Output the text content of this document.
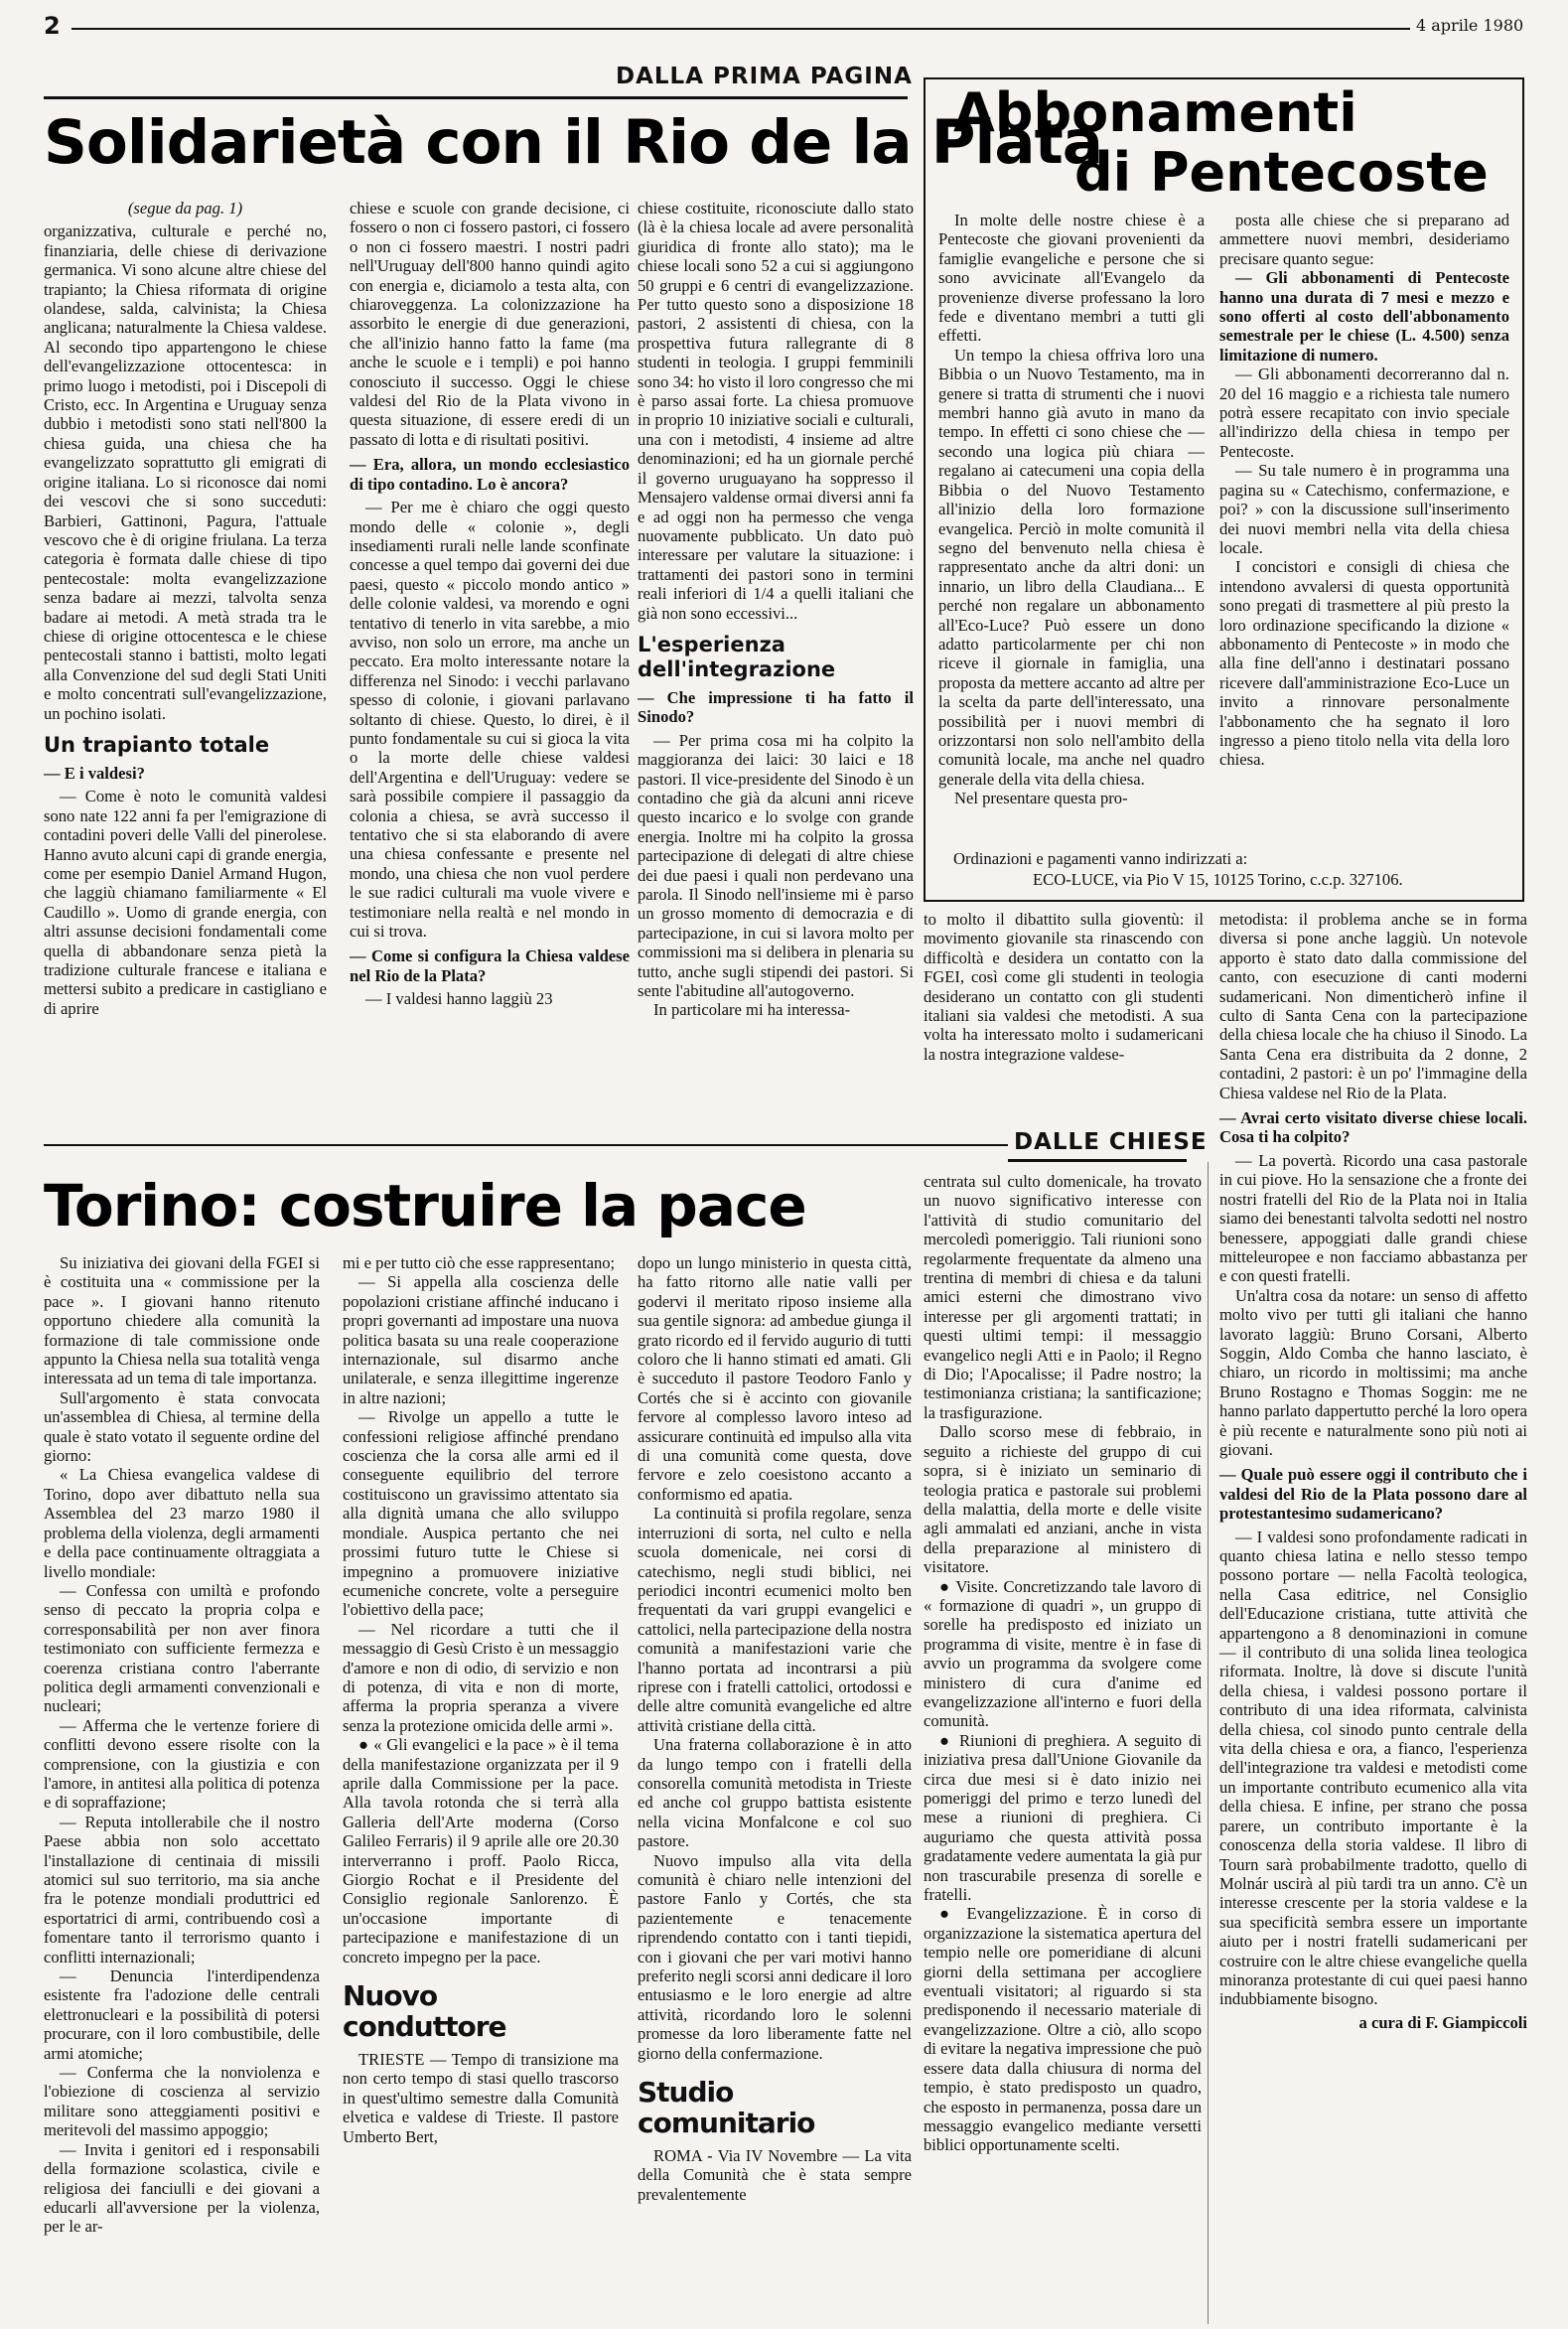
2	4 aprile 1980
DALLA PRIMA PAGINA
Solidarietà con il Rio de la Plata

(segue da pag. 1)

organizzativa, culturale e perché no, finanziaria, delle chiese di derivazione germanica. Vi sono alcune altre chiese del trapianto; la Chiesa riformata di origine olandese, salda, calvinista; la Chiesa anglicana; naturalmente la Chiesa valdese. Al secondo tipo appartengono le chiese dell'evangelizzazione ottocentesca: in primo luogo i metodisti, poi i Discepoli di Cristo, ecc. In Argentina e Uruguay senza dubbio i metodisti sono stati nell'800 la chiesa guida, una chiesa che ha evangelizzato soprattutto gli emigrati di origine italiana. Lo si riconosce dai nomi dei vescovi che si sono succeduti: Barbieri, Gattinoni, Pagura, l'attuale vescovo che è di origine friulana. La terza categoria è formata dalle chiese di tipo pentecostale: molta evangelizzazione senza badare ai mezzi, talvolta senza badare ai metodi. A metà strada tra le chiese di origine ottocentesca e le chiese pentecostali stanno i battisti, molto legati alla Convenzione del sud degli Stati Uniti e molto concentrati sull'evangelizzazione, un pochino isolati.

Un trapianto totale

— E i valdesi?

— Come è noto le comunità valdesi sono nate 122 anni fa per l'emigrazione di contadini poveri delle Valli del pinerolese. Hanno avuto alcuni capi di grande energia, come per esempio Daniel Armand Hugon, che laggiù chiamano familiarmente « El Caudillo ». Uomo di grande energia, con altri assunse decisioni fondamentali come quella di abbandonare senza pietà la tradizione culturale francese e italiana e mettersi subito a predicare in castigliano e di aprire

chiese e scuole con grande decisione, ci fossero o non ci fossero pastori, ci fossero o non ci fossero maestri. I nostri padri nell'Uruguay dell'800 hanno quindi agito con energia e, diciamolo a testa alta, con chiaroveggenza. La colonizzazione ha assorbito le energie di due generazioni, che all'inizio hanno fatto la fame (ma anche le scuole e i templi) e poi hanno conosciuto il successo. Oggi le chiese valdesi del Rio de la Plata vivono in questa situazione, di essere eredi di un passato di lotta e di risultati positivi.

— Era, allora, un mondo ecclesiastico di tipo contadino. Lo è ancora?

— Per me è chiaro che oggi questo mondo delle « colonie », degli insediamenti rurali nelle lande sconfinate concesse a quel tempo dai governi dei due paesi, questo « piccolo mondo antico » delle colonie valdesi, va morendo e ogni tentativo di tenerlo in vita sarebbe, a mio avviso, non solo un errore, ma anche un peccato. Era molto interessante notare la differenza nel Sinodo: i vecchi parlavano spesso di colonie, i giovani parlavano soltanto di chiese. Questo, lo direi, è il punto fondamentale su cui si gioca la vita o la morte delle chiese valdesi dell'Argentina e dell'Uruguay: vedere se sarà possibile compiere il passaggio da colonia a chiesa, se avrà successo il tentativo che si sta elaborando di avere una chiesa confessante e presente nel mondo, una chiesa che non vuol perdere le sue radici culturali ma vuole vivere e testimoniare nella realtà e nel mondo in cui si trova.

— Come si configura la Chiesa valdese nel Rio de la Plata?

— I valdesi hanno laggiù 23

chiese costituite, riconosciute dallo stato (là è la chiesa locale ad avere personalità giuridica di fronte allo stato); ma le chiese locali sono 52 a cui si aggiungono 50 gruppi e 6 centri di evangelizzazione. Per tutto questo sono a disposizione 18 pastori, 2 assistenti di chiesa, con la prospettiva futura rallegrante di 8 studenti in teologia. I gruppi femminili sono 34: ho visto il loro congresso che mi è parso assai forte. La chiesa promuove in proprio 10 iniziative sociali e culturali, una con i metodisti, 4 insieme ad altre denominazioni; ed ha un giornale perché il governo uruguayano ha soppresso il Mensajero valdense ormai diversi anni fa e ad oggi non ha permesso che venga nuovamente pubblicato. Un dato può interessare per valutare la situazione: i trattamenti dei pastori sono in termini reali inferiori di 1/4 a quelli italiani che già non sono eccessivi...

L'esperienza dell'integrazione

— Che impressione ti ha fatto il Sinodo?

— Per prima cosa mi ha colpito la maggioranza dei laici: 30 laici e 18 pastori. Il vice-presidente del Sinodo è un contadino che già da alcuni anni riceve questo incarico e lo svolge con grande energia. Inoltre mi ha colpito la grossa partecipazione di delegati di altre chiese dei due paesi i quali non perdevano una parola. Il Sinodo nell'insieme mi è parso un grosso momento di democrazia e di partecipazione, in cui si lavora molto per commissioni ma si delibera in plenaria su tutto, anche sugli stipendi dei pastori. Si sente l'abitudine all'autogoverno.

In particolare mi ha interessa-

Abbonamenti
di Pentecoste

In molte delle nostre chiese è a Pentecoste che giovani provenienti da famiglie evangeliche e persone che si sono avvicinate all'Evangelo da provenienze diverse professano la loro fede e diventano membri a tutti gli effetti.

Un tempo la chiesa offriva loro una Bibbia o un Nuovo Testamento, ma in genere si tratta di strumenti che i nuovi membri hanno già avuto in mano da tempo. In effetti ci sono chiese che — secondo una logica più chiara — regalano ai catecumeni una copia della Bibbia o del Nuovo Testamento all'inizio della loro formazione evangelica. Perciò in molte comunità il segno del benvenuto nella chiesa è rappresentato anche da altri doni: un innario, un libro della Claudiana... E perché non regalare un abbonamento all'Eco-Luce? Può essere un dono adatto particolarmente per chi non riceve il giornale in famiglia, una proposta da mettere accanto ad altre per la scelta da parte dell'interessato, una possibilità per i nuovi membri di orizzontarsi non solo nell'ambito della comunità locale, ma anche nel quadro generale della vita della chiesa.

Nel presentare questa pro-

posta alle chiese che si preparano ad ammettere nuovi membri, desideriamo precisare quanto segue:

— Gli abbonamenti di Pentecoste hanno una durata di 7 mesi e mezzo e sono offerti al costo dell'abbonamento semestrale per le chiese (L. 4.500) senza limitazione di numero.

— Gli abbonamenti decorreranno dal n. 20 del 16 maggio e a richiesta tale numero potrà essere recapitato con invio speciale all'indirizzo della chiesa in tempo per Pentecoste.

— Su tale numero è in programma una pagina su « Catechismo, confermazione, e poi? » con la discussione sull'inserimento dei nuovi membri nella vita della chiesa locale.

I concistori e consigli di chiesa che intendono avvalersi di questa opportunità sono pregati di trasmettere al più presto la loro ordinazione specificando la dizione « abbonamento di Pentecoste » in modo che alla fine dell'anno i destinatari possano ricevere dall'amministrazione Eco-Luce un invito a rinnovare personalmente l'abbonamento che ha segnato il loro ingresso a pieno titolo nella vita della loro chiesa.

Ordinazioni e pagamenti vanno indirizzati a:
ECO-LUCE, via Pio V 15, 10125 Torino, c.c.p. 327106.

to molto il dibattito sulla gioventù: il movimento giovanile sta rinascendo con difficoltà e desidera un contatto con la FGEI, così come gli studenti in teologia desiderano un contatto con gli studenti italiani sia valdesi che metodisti. A sua volta ha interessato molto i sudamericani la nostra integrazione valdese-

DALLE CHIESE

metodista: il problema anche se in forma diversa si pone anche laggiù. Un notevole apporto è stato dato dalla commissione del canto, con esecuzione di canti moderni sudamericani. Non dimenticherò infine il culto di Santa Cena con la partecipazione della chiesa locale che ha chiuso il Sinodo. La Santa Cena era distribuita da 2 donne, 2 contadini, 2 pastori: è un po' l'immagine della Chiesa valdese nel Rio de la Plata.

— Avrai certo visitato diverse chiese locali. Cosa ti ha colpito?

— La povertà. Ricordo una casa pastorale in cui piove. Ho la sensazione che a fronte dei nostri fratelli del Rio de la Plata noi in Italia siamo dei benestanti talvolta sedotti nel nostro benessere, appoggiati dalle grandi chiese mitteleuropee e non facciamo abbastanza per e con questi fratelli.

Un'altra cosa da notare: un senso di affetto molto vivo per tutti gli italiani che hanno lavorato laggiù: Bruno Corsani, Alberto Soggin, Aldo Comba che hanno lasciato, è chiaro, un ricordo in moltissimi; ma anche Bruno Rostagno e Thomas Soggin: me ne hanno parlato dappertutto perché la loro opera è più recente e naturalmente sono più noti ai giovani.

— Quale può essere oggi il contributo che i valdesi del Rio de la Plata possono dare al protestantesimo sudamericano?

— I valdesi sono profondamente radicati in quanto chiesa latina e nello stesso tempo possono portare — nella Facoltà teologica, nella Casa editrice, nel Consiglio dell'Educazione cristiana, tutte attività che appartengono a 8 denominazioni in comune — il contributo di una solida linea teologica riformata. Inoltre, là dove si discute l'unità della chiesa, i valdesi possono portare il contributo di una idea riformata, calvinista della chiesa, col sinodo punto centrale della vita della chiesa e ora, a fianco, l'esperienza dell'integrazione tra valdesi e metodisti come un importante contributo ecumenico alla vita della chiesa. E infine, per strano che possa parere, un contributo importante è la conoscenza della storia valdese. Il libro di Tourn sarà probabilmente tradotto, quello di Molnár uscirà al più tardi tra un anno. C'è un interesse crescente per la storia valdese e la sua specificità sembra essere un importante aiuto per i nostri fratelli sudamericani per costruire con le altre chiese evangeliche quella minoranza protestante di cui quei paesi hanno indubbiamente bisogno.

a cura di F. Giampiccoli

Torino: costruire la pace

Su iniziativa dei giovani della FGEI si è costituita una « commissione per la pace ». I giovani hanno ritenuto opportuno chiedere alla comunità la formazione di tale commissione onde appunto la Chiesa nella sua totalità venga interessata ad un tema di tale importanza.

Sull'argomento è stata convocata un'assemblea di Chiesa, al termine della quale è stato votato il seguente ordine del giorno:

« La Chiesa evangelica valdese di Torino, dopo aver dibattuto nella sua Assemblea del 23 marzo 1980 il problema della violenza, degli armamenti e della pace continuamente oltraggiata a livello mondiale:

— Confessa con umiltà e profondo senso di peccato la propria colpa e corresponsabilità per non aver finora testimoniato con sufficiente fermezza e coerenza cristiana contro l'aberrante politica degli armamenti convenzionali e nucleari;

— Afferma che le vertenze foriere di conflitti devono essere risolte con la comprensione, con la giustizia e con l'amore, in antitesi alla politica di potenza e di sopraffazione;

— Reputa intollerabile che il nostro Paese abbia non solo accettato l'installazione di centinaia di missili atomici sul suo territorio, ma sia anche fra le potenze mondiali produttrici ed esportatrici di armi, contribuendo così a fomentare tanto il terrorismo quanto i conflitti internazionali;

— Denuncia l'interdipendenza esistente fra l'adozione delle centrali elettronucleari e la possibilità di potersi procurare, con il loro combustibile, delle armi atomiche;

— Conferma che la nonviolenza e l'obiezione di coscienza al servizio militare sono atteggiamenti positivi e meritevoli del massimo appoggio;

— Invita i genitori ed i responsabili della formazione scolastica, civile e religiosa dei fanciulli e dei giovani a educarli all'avversione per la violenza, per le ar-

mi e per tutto ciò che esse rappresentano;

— Si appella alla coscienza delle popolazioni cristiane affinché inducano i propri governanti ad impostare una nuova politica basata su una reale cooperazione internazionale, sul disarmo anche unilaterale, e senza illegittime ingerenze in altre nazioni;

— Rivolge un appello a tutte le confessioni religiose affinché prendano coscienza che la corsa alle armi ed il conseguente equilibrio del terrore costituiscono un gravissimo attentato sia alla dignità umana che allo sviluppo mondiale. Auspica pertanto che nei prossimi futuro tutte le Chiese si impegnino a promuovere iniziative ecumeniche concrete, volte a perseguire l'obiettivo della pace;

— Nel ricordare a tutti che il messaggio di Gesù Cristo è un messaggio d'amore e non di odio, di servizio e non di potenza, di vita e non di morte, afferma la propria speranza a vivere senza la protezione omicida delle armi ».

● « Gli evangelici e la pace » è il tema della manifestazione organizzata per il 9 aprile dalla Commissione per la pace. Alla tavola rotonda che si terrà alla Galleria dell'Arte moderna (Corso Galileo Ferraris) il 9 aprile alle ore 20.30 interverranno i proff. Paolo Ricca, Giorgio Rochat e il Presidente del Consiglio regionale Sanlorenzo. È un'occasione importante di partecipazione e manifestazione di un concreto impegno per la pace.

Nuovo
conduttore

TRIESTE — Tempo di transizione ma non certo tempo di stasi quello trascorso in quest'ultimo semestre dalla Comunità elvetica e valdese di Trieste. Il pastore Umberto Bert,

dopo un lungo ministerio in questa città, ha fatto ritorno alle natie valli per godervi il meritato riposo insieme alla sua gentile signora: ad ambedue giunga il grato ricordo ed il fervido augurio di tutti coloro che li hanno stimati ed amati. Gli è succeduto il pastore Teodoro Fanlo y Cortés che si è accinto con giovanile fervore al complesso lavoro inteso ad assicurare continuità ed impulso alla vita di una comunità come questa, dove fervore e zelo coesistono accanto a conformismo ed apatia.

La continuità si profila regolare, senza interruzioni di sorta, nel culto e nella scuola domenicale, nei corsi di catechismo, negli studi biblici, nei periodici incontri ecumenici molto ben frequentati da vari gruppi evangelici e cattolici, nella partecipazione della nostra comunità a manifestazioni varie che l'hanno portata ad incontrarsi a più riprese con i fratelli cattolici, ortodossi e delle altre comunità evangeliche ed altre attività cristiane della città.

Una fraterna collaborazione è in atto da lungo tempo con i fratelli della consorella comunità metodista in Trieste ed anche col gruppo battista esistente nella vicina Monfalcone e col suo pastore.

Nuovo impulso alla vita della comunità è chiaro nelle intenzioni del pastore Fanlo y Cortés, che sta pazientemente e tenacemente riprendendo contatto con i tanti tiepidi, con i giovani che per vari motivi hanno preferito negli scorsi anni dedicare il loro entusiasmo e le loro energie ad altre attività, ricordando loro le solenni promesse da loro liberamente fatte nel giorno della confermazione.

Studio
comunitario

ROMA - Via IV Novembre — La vita della Comunità che è stata sempre prevalentemente

centrata sul culto domenicale, ha trovato un nuovo significativo interesse con l'attività di studio comunitario del mercoledì pomeriggio. Tali riunioni sono regolarmente frequentate da almeno una trentina di membri di chiesa e da taluni amici esterni che dimostrano vivo interesse per gli argomenti trattati; in questi ultimi tempi: il messaggio evangelico negli Atti e in Paolo; il Regno di Dio; l'Apocalisse; il Padre nostro; la testimonianza cristiana; la santificazione; la trasfigurazione.

Dallo scorso mese di febbraio, in seguito a richieste del gruppo di cui sopra, si è iniziato un seminario di teologia pratica e pastorale sui problemi della malattia, della morte e delle visite agli ammalati ed anziani, anche in vista della preparazione al ministero di visitatore.

● Visite. Concretizzando tale lavoro di « formazione di quadri », un gruppo di sorelle ha predisposto ed iniziato un programma di visite, mentre è in fase di avvio un programma da svolgere come ministero di cura d'anime ed evangelizzazione all'interno e fuori della comunità.

● Riunioni di preghiera. A seguito di iniziativa presa dall'Unione Giovanile da circa due mesi si è dato inizio nei pomeriggi del primo e terzo lunedì del mese a riunioni di preghiera. Ci auguriamo che questa attività possa gradatamente vedere aumentata la già pur non trascurabile presenza di sorelle e fratelli.

● Evangelizzazione. È in corso di organizzazione la sistematica apertura del tempio nelle ore pomeridiane di alcuni giorni della settimana per accogliere eventuali visitatori; al riguardo si sta predisponendo il necessario materiale di evangelizzazione. Oltre a ciò, allo scopo di evitare la negativa impressione che può essere data dalla chiusura di norma del tempio, è stato predisposto un quadro, che esposto in permanenza, possa dare un messaggio evangelico mediante versetti biblici opportunamente scelti.
